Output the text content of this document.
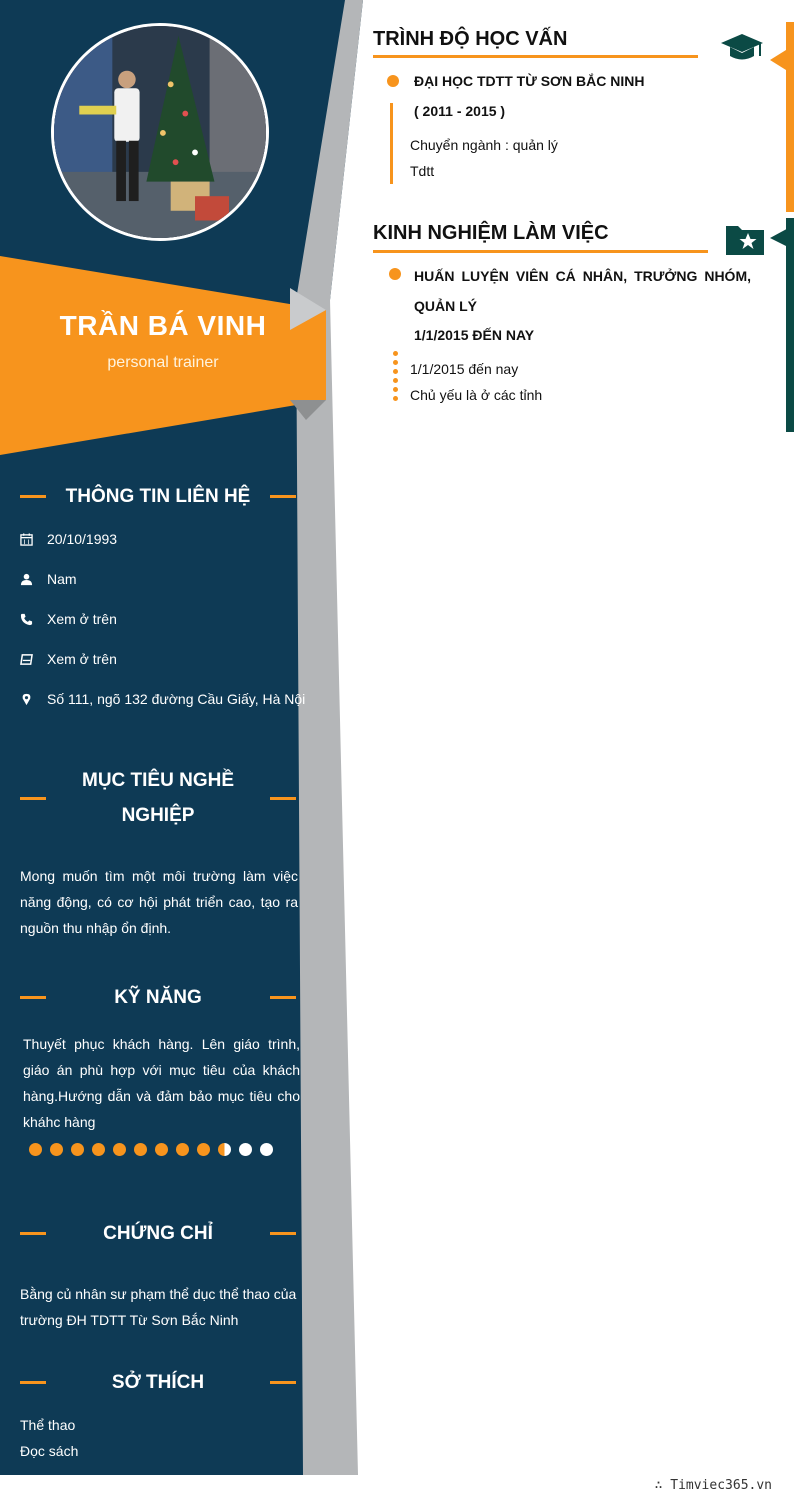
TRẦN BÁ VINH
personal trainer
THÔNG TIN LIÊN HỆ
20/10/1993
Nam
Xem ở trên
Xem ở trên
Số 111, ngõ 132 đường Cầu Giấy, Hà Nội
MỤC TIÊU NGHỀ
NGHIỆP
Mong muốn tìm một môi trường làm việc năng động, có cơ hội phát triển cao, tạo ra nguồn thu nhập ổn định.
KỸ NĂNG
Thuyết phục khách hàng. Lên giáo trình, giáo án phù hợp với mục tiêu của khách hàng.Hướng dẫn và đảm bảo mục tiêu cho kháhc hàng
CHỨNG CHỈ
Bằng củ nhân sư phạm thể dục thể thao của trường ĐH TDTT Từ Sơn Bắc Ninh
SỞ THÍCH
Thể thao
Đọc sách
TRÌNH ĐỘ HỌC VẤN
ĐẠI HỌC TDTT TỪ SƠN BẮC NINH
( 2011 - 2015 )
Chuyển ngành : quản lý
Tdtt
KINH NGHIỆM LÀM VIỆC
HUẤN LUYỆN VIÊN CÁ NHÂN, TRƯỞNG NHÓM, QUẢN LÝ
1/1/2015 ĐẾN NAY
1/1/2015 đến nay
Chủ yếu là ở các tỉnh
∴ Timviec365.vn
